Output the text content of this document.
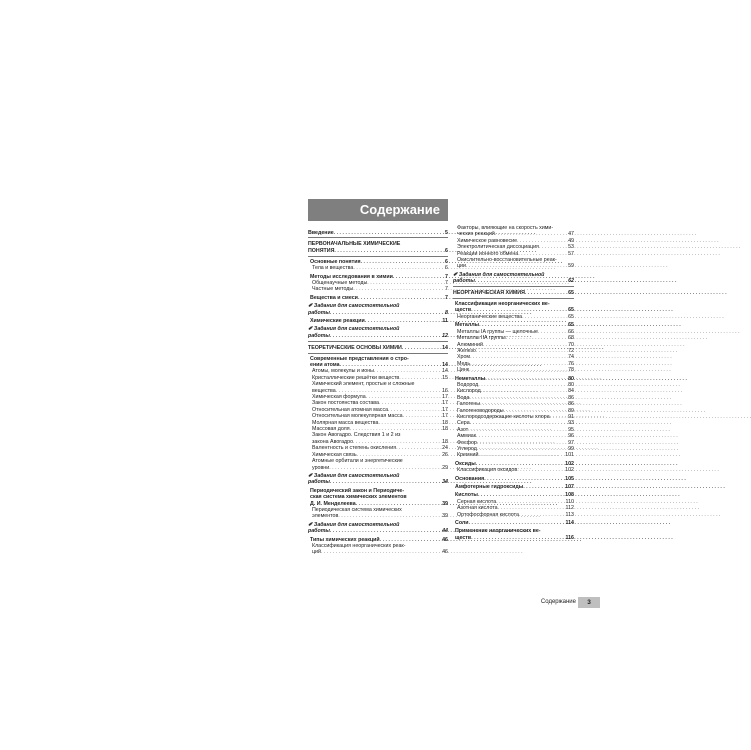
Содержание
Введение . . .	5
ПЕРВОНАЧАЛЬНЫЕ ХИМИЧЕСКИЕ
ПОНЯТИЯ . . .	6
Основные понятия . . .	6
Тела и вещества . . .	6
Методы исследования в химии . . .	7
Общенаучные методы . . .	7
Частные методы . . .	7
Вещества и смеси . . .	7
✐ Задания для самостоятельной
работы . . .	8
Химические реакции . . .	11
✐ Задания для самостоятельной
работы . . .	12
ТЕОРЕТИЧЕСКИЕ ОСНОВЫ ХИМИИ . . .	14
Современные представления о стро-
ении атома . . .	14
Атомы, молекулы и ионы . . .	14
Кристаллические решётки веществ . . .	15
Химический элемент, простые и сложные
вещества . . .	16
Химическая формула . . .	17
Закон постоянства состава . . .	17
Относительная атомная масса . . .	17
Относительная молекулярная масса . . .	17
Молярная масса вещества . . .	18
Массовая доля . . .	18
Закон Авогадро. Следствия 1 и 2 из
закона Авогадро . . .	18
Валентность и степень окисления . . .	24
Химическая связь . . .	26
Атомные орбитали и энергетические
уровни . . .	29
✐ Задания для самостоятельной
работы . . .	34
Периодический закон и Периодиче-
ская система химических элементов
Д. И. Менделеева . . .	39
Периодическая система химических
элементов . . .	39
✐ Задания для самостоятельной
работы . . .	44
Типы химических реакций . . .	46
Классификация неорганических реак-
ций . . .	46
Факторы, влияющие на скорость хими-
ческих реакций . . .	47
Химическое равновесие . . .	49
Электролитическая диссоциация . . .	53
Реакции ионного обмена . . .	57
Окислительно-восстановительные реак-
ции . . .	59
✐ Задания для самостоятельной
работы . . .	62
НЕОРГАНИЧЕСКАЯ ХИМИЯ . . .	65
Классификация неорганических ве-
ществ . . .	65
Неорганические вещества . . .	65
Металлы . . .	65
Металлы IA группы — щелочные . . .	66
Металлы IIA группы . . .	68
Алюминий . . .	70
Железо . . .	72
Хром . . .	74
Медь . . .	76
Цинк . . .	78
Неметаллы . . .	80
Водород . . .	80
Кислород . . .	84
Вода . . .	86
Галогены . . .	86
Галогеноводороды . . .	89
Кислородсодержащие кислоты хлора . . .	91
Сера . . .	93
Азот . . .	95
Аммиак . . .	96
Фосфор . . .	97
Углерод . . .	99
Кремний . . .	101
Оксиды . . .	102
Классификация оксидов . . .	102
Основания . . .	105
Амфотерные гидроксиды . . .	107
Кислоты . . .	108
Серная кислота . . .	110
Азотная кислота . . .	112
Ортофосфорная кислота . . .	113
Соли . . .	114
Применение неорганических ве-
ществ . . .	116
Содержание	3
